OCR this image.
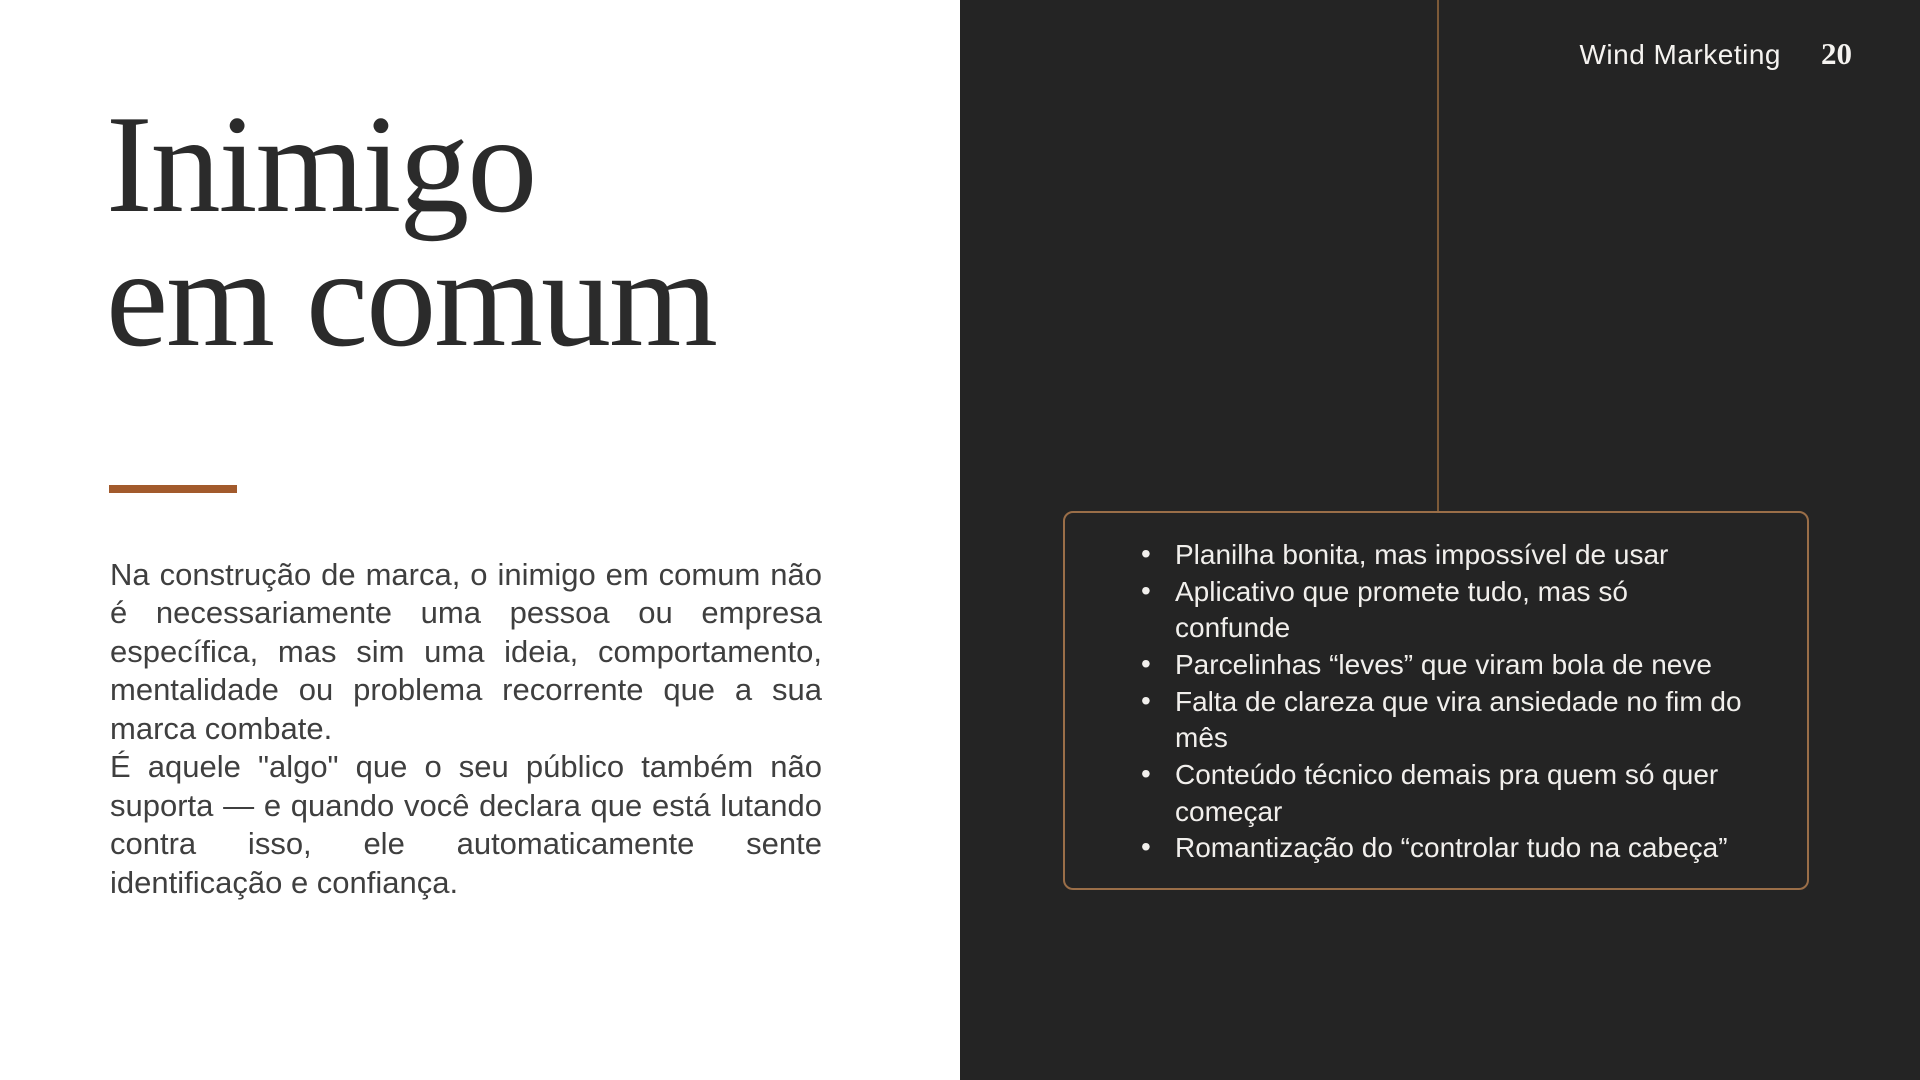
Wind Marketing 20
• Planilha bonita, mas impossível de usar
• Aplicativo que promete tudo, mas só confunde
• Parcelinhas “leves” que viram bola de neve
• Falta de clareza que vira ansiedade no fim do mês
• Conteúdo técnico demais pra quem só quer começar
• Romantização do “controlar tudo na cabeça”
Inimigo
em comum

Na construção de marca, o inimigo em comum não é necessariamente uma pessoa ou empresa específica, mas sim uma ideia, comportamento, mentalidade ou problema recorrente que a sua marca combate.

É aquele "algo" que o seu público também não suporta — e quando você declara que está lutando contra isso, ele automaticamente sente identificação e confiança.
